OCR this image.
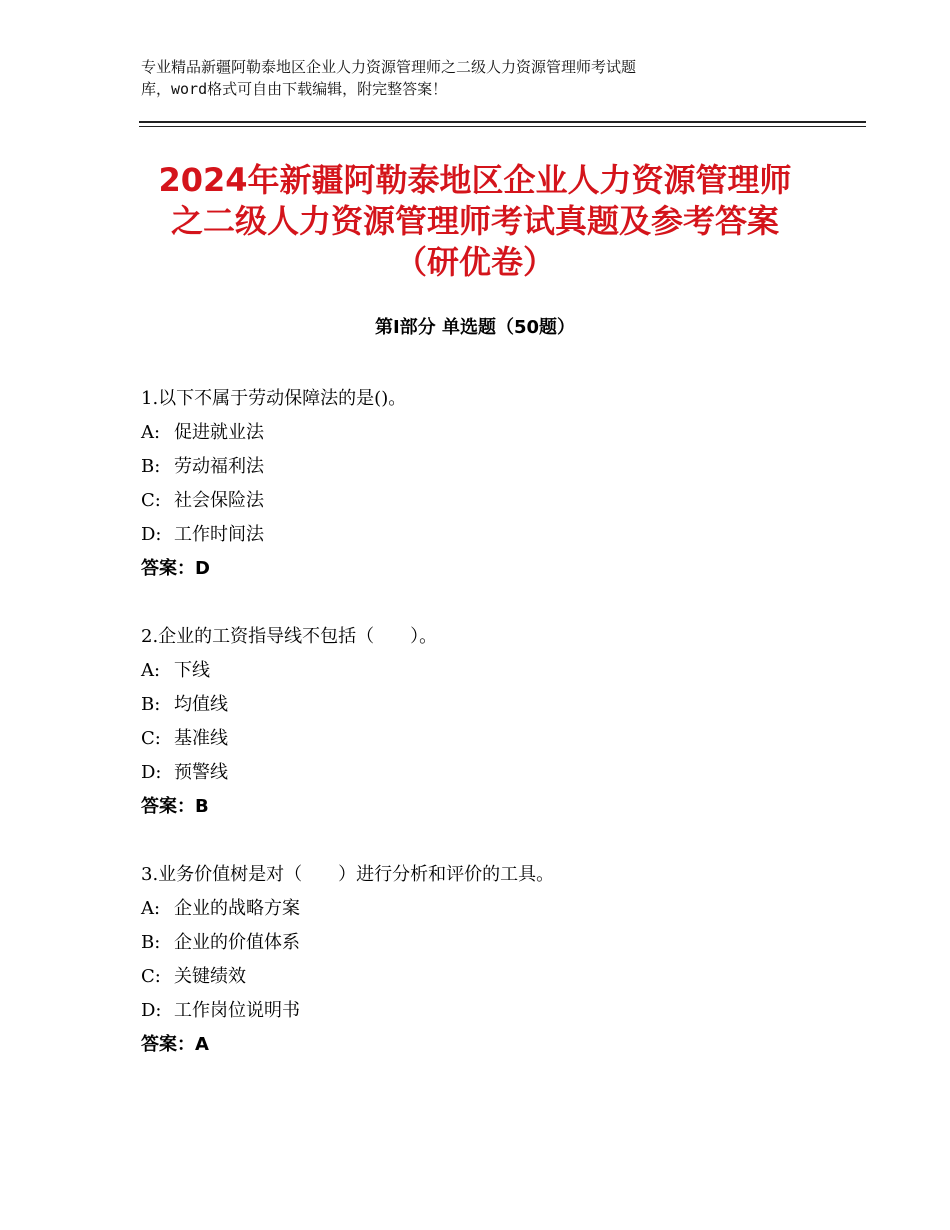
专业精品新疆阿勒泰地区企业人力资源管理师之二级人力资源管理师考试题
库，word格式可自由下载编辑，附完整答案！
2024年新疆阿勒泰地区企业人力资源管理师
之二级人力资源管理师考试真题及参考答案
（研优卷）
第Ⅰ部分 单选题（50题）
1.以下不属于劳动保障法的是()。
A: 促进就业法
B: 劳动福利法
C: 社会保险法
D: 工作时间法
答案：D
2.企业的工资指导线不包括（　　）。
A: 下线
B: 均值线
C: 基准线
D: 预警线
答案：B
3.业务价值树是对（　　）进行分析和评价的工具。
A: 企业的战略方案
B: 企业的价值体系
C: 关键绩效
D: 工作岗位说明书
答案：A
